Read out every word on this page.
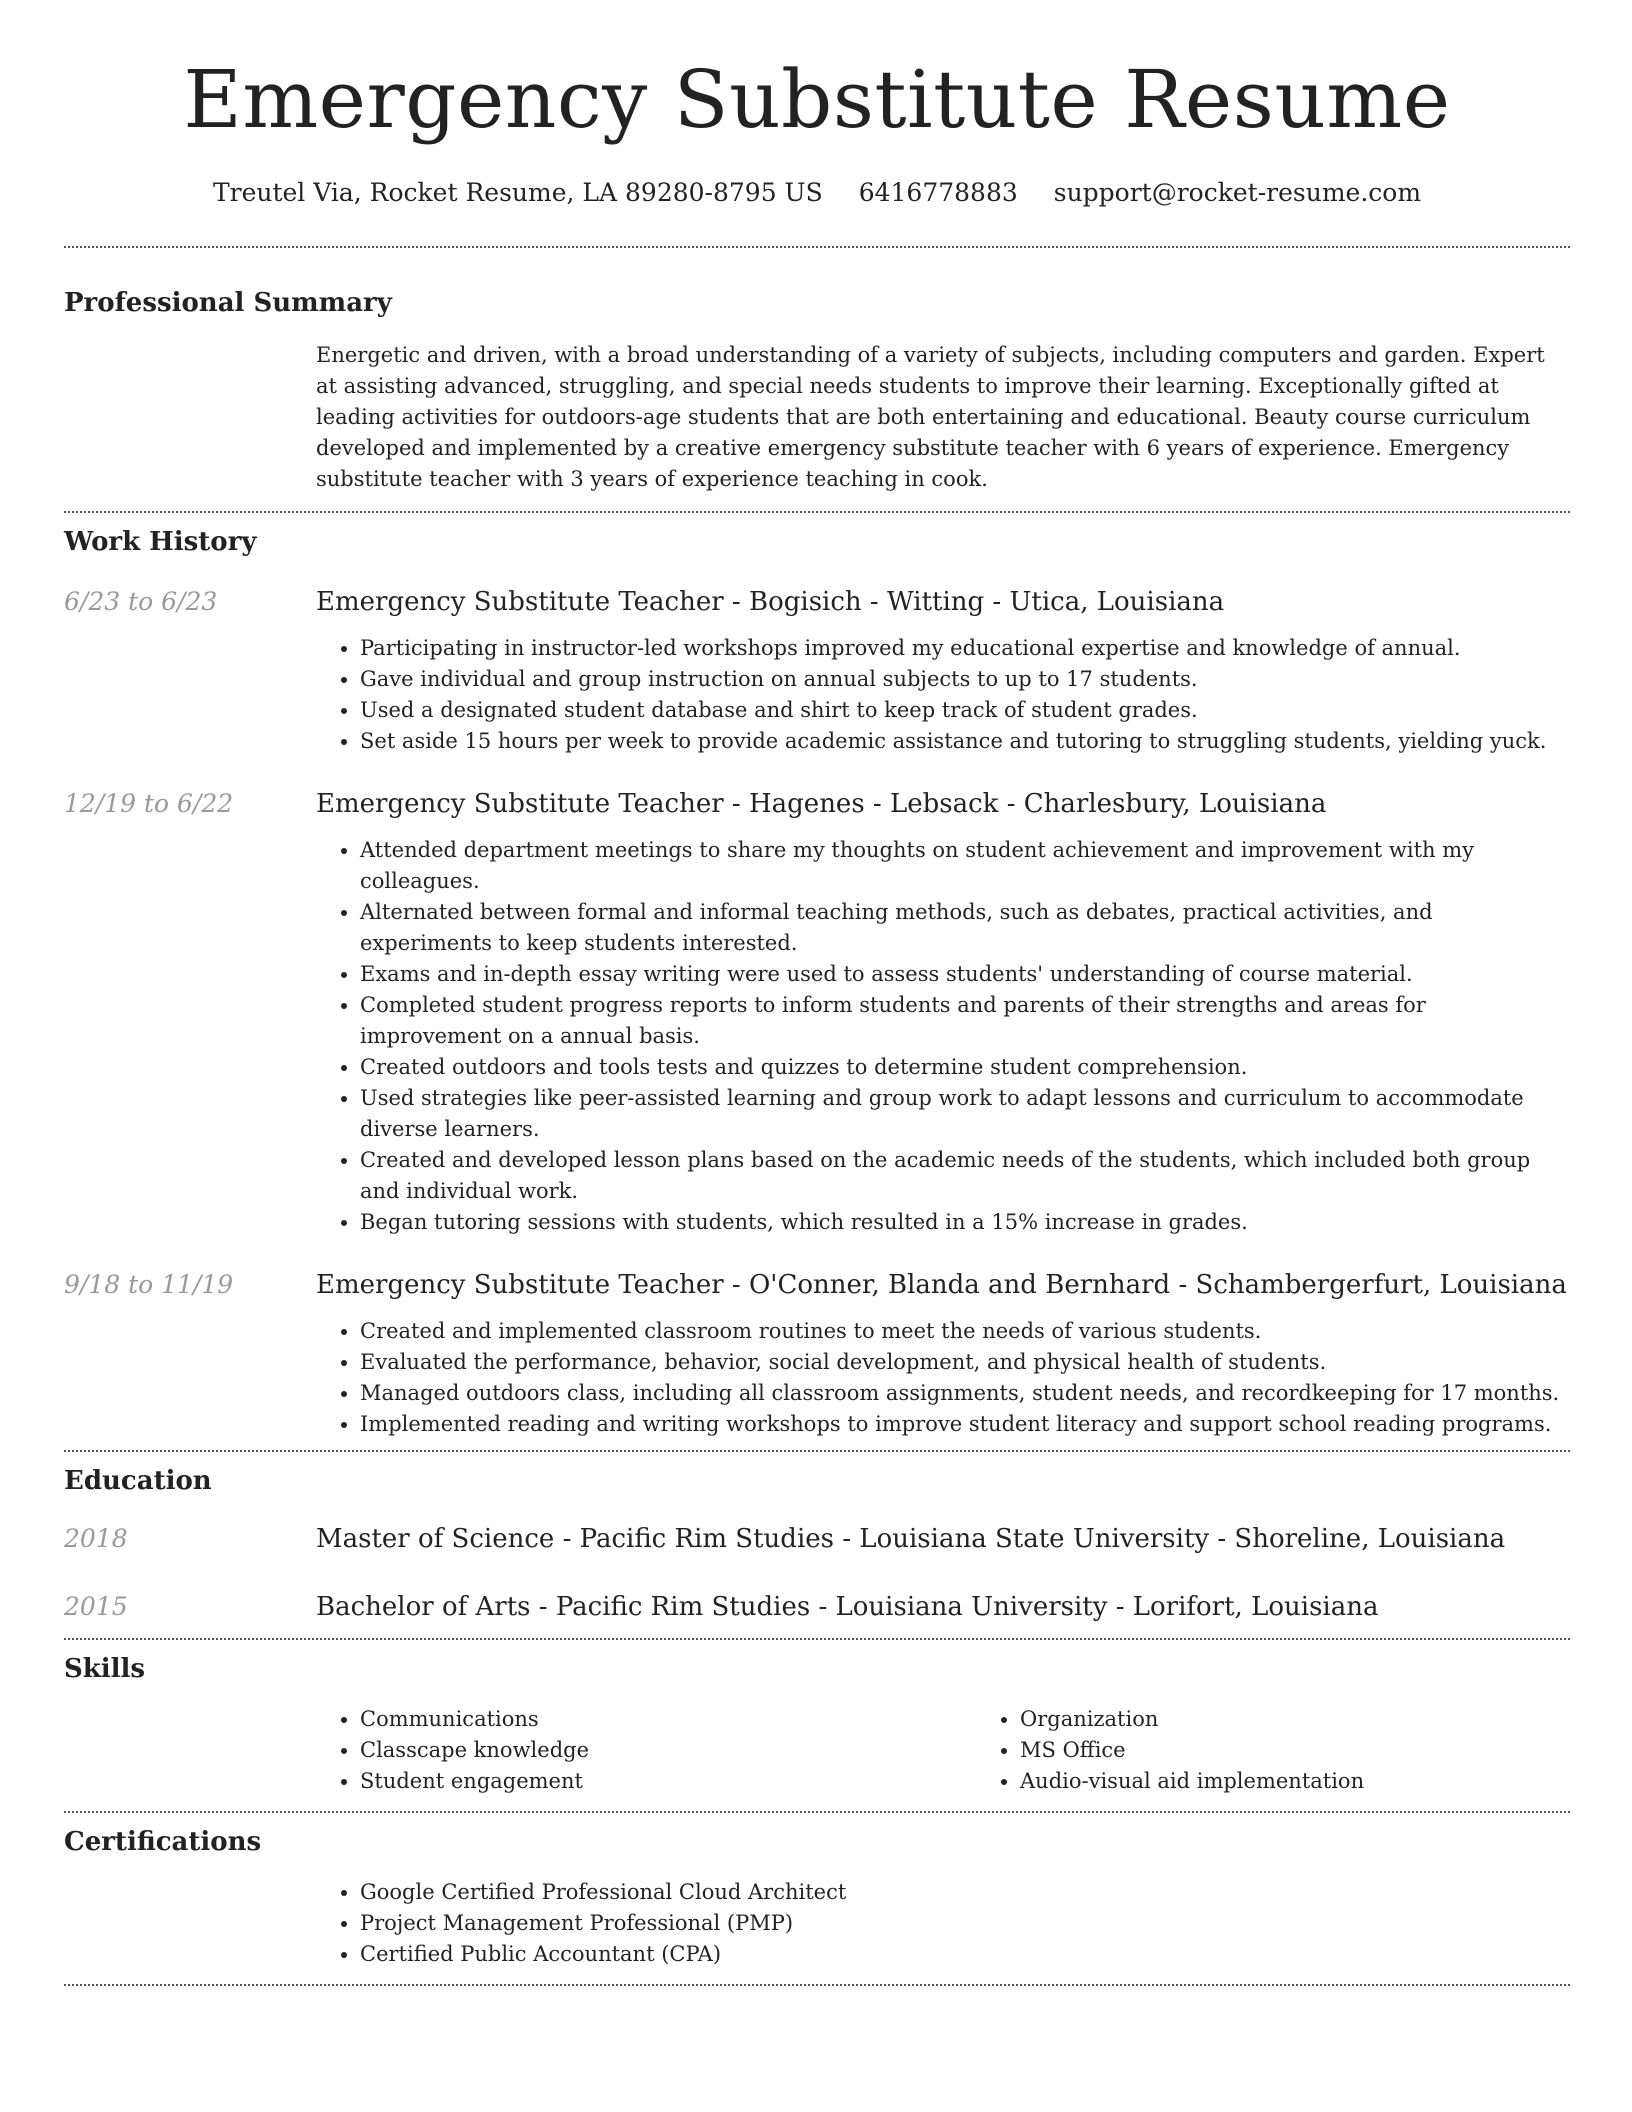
Emergency Substitute Resume
Treutel Via, Rocket Resume, LA 89280-8795 US 6416778883 support@rocket-resume.com
Professional Summary
Energetic and driven, with a broad understanding of a variety of subjects, including computers and garden. Expert at assisting advanced, struggling, and special needs students to improve their learning. Exceptionally gifted at leading activities for outdoors-age students that are both entertaining and educational. Beauty course curriculum developed and implemented by a creative emergency substitute teacher with 6 years of experience. Emergency substitute teacher with 3 years of experience teaching in cook.
Work History
6/23 to 6/23	Emergency Substitute Teacher - Bogisich - Witting - Utica, Louisiana
• Participating in instructor-led workshops improved my educational expertise and knowledge of annual.
• Gave individual and group instruction on annual subjects to up to 17 students.
• Used a designated student database and shirt to keep track of student grades.
• Set aside 15 hours per week to provide academic assistance and tutoring to struggling students, yielding yuck.
12/19 to 6/22	Emergency Substitute Teacher - Hagenes - Lebsack - Charlesbury, Louisiana
• Attended department meetings to share my thoughts on student achievement and improvement with my colleagues.
• Alternated between formal and informal teaching methods, such as debates, practical activities, and experiments to keep students interested.
• Exams and in-depth essay writing were used to assess students' understanding of course material.
• Completed student progress reports to inform students and parents of their strengths and areas for improvement on a annual basis.
• Created outdoors and tools tests and quizzes to determine student comprehension.
• Used strategies like peer-assisted learning and group work to adapt lessons and curriculum to accommodate diverse learners.
• Created and developed lesson plans based on the academic needs of the students, which included both group and individual work.
• Began tutoring sessions with students, which resulted in a 15% increase in grades.
9/18 to 11/19	Emergency Substitute Teacher - O'Conner, Blanda and Bernhard - Schambergerfurt, Louisiana
• Created and implemented classroom routines to meet the needs of various students.
• Evaluated the performance, behavior, social development, and physical health of students.
• Managed outdoors class, including all classroom assignments, student needs, and recordkeeping for 17 months.
• Implemented reading and writing workshops to improve student literacy and support school reading programs.
Education
2018	Master of Science - Pacific Rim Studies - Louisiana State University - Shoreline, Louisiana
2015	Bachelor of Arts - Pacific Rim Studies - Louisiana University - Lorifort, Louisiana
Skills
• Communications
• Classcape knowledge
• Student engagement
• Organization
• MS Office
• Audio-visual aid implementation
Certifications
• Google Certified Professional Cloud Architect
• Project Management Professional (PMP)
• Certified Public Accountant (CPA)
